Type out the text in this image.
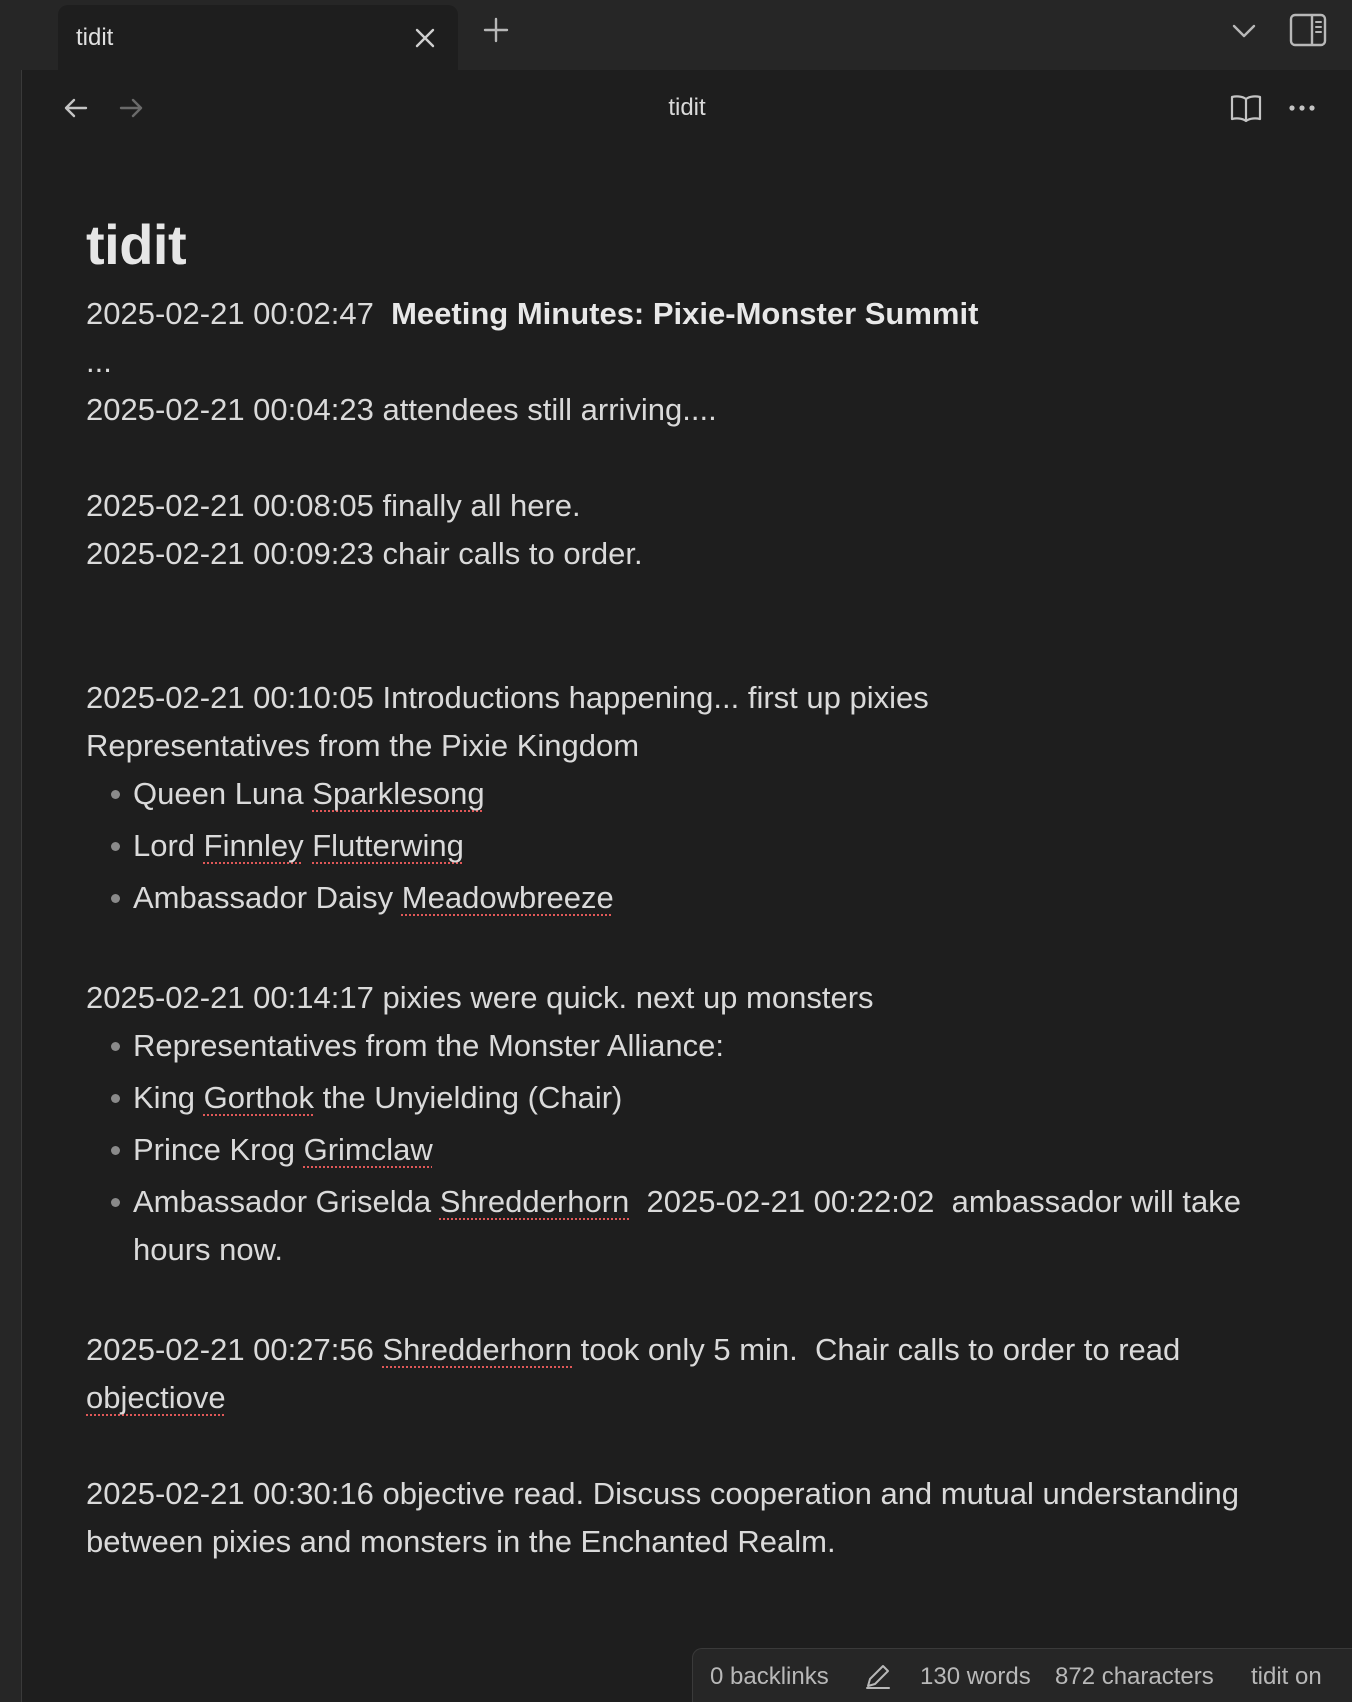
tidit
tidit
tidit
2025-02-21 00:02:47 Meeting Minutes: Pixie-Monster Summit
...
2025-02-21 00:04:23 attendees still arriving....
2025-02-21 00:08:05 finally all here.
2025-02-21 00:09:23 chair calls to order.
2025-02-21 00:10:05 Introductions happening... first up pixies
Representatives from the Pixie Kingdom
Queen Luna Sparklesong
Lord Finnley Flutterwing
Ambassador Daisy Meadowbreeze
2025-02-21 00:14:17 pixies were quick. next up monsters
Representatives from the Monster Alliance:
King Gorthok the Unyielding (Chair)
Prince Krog Grimclaw
Ambassador Griselda Shredderhorn  2025-02-21 00:22:02  ambassador will take hours now.
2025-02-21 00:27:56 Shredderhorn took only 5 min.  Chair calls to order to read objectiove
2025-02-21 00:30:16 objective read. Discuss cooperation and mutual understanding between pixies and monsters in the Enchanted Realm.
0 backlinks	130 words 872 characters tidit on
